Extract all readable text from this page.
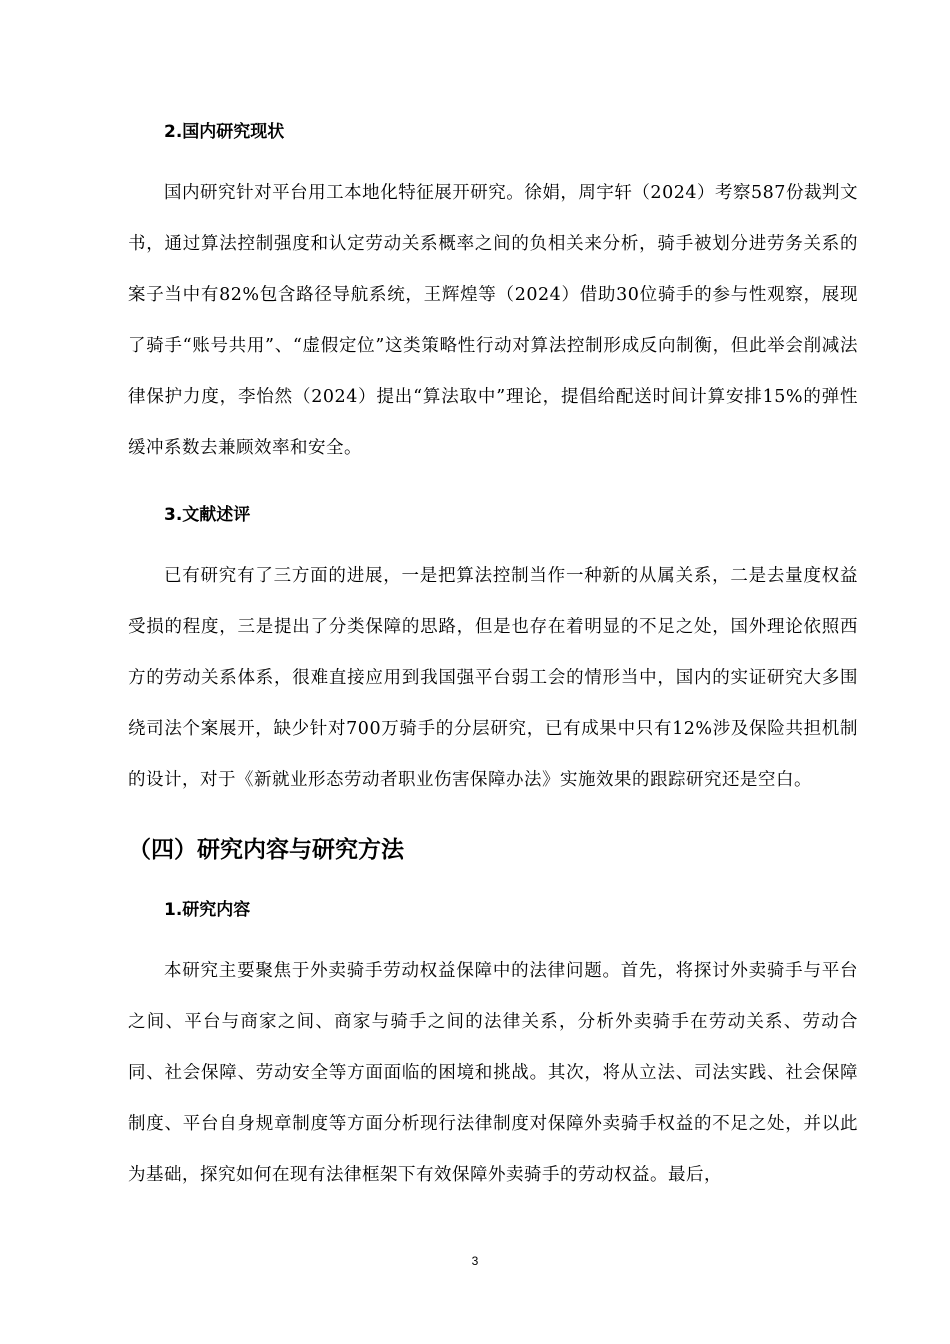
2.国内研究现状

国内研究针对平台用工本地化特征展开研究。徐娟，周宇轩（2024）考察587份裁判文书，通过算法控制强度和认定劳动关系概率之间的负相关来分析，骑手被划分进劳务关系的案子当中有82%包含路径导航系统，王辉煌等（2024）借助30位骑手的参与性观察，展现了骑手“账号共用”、“虚假定位”这类策略性行动对算法控制形成反向制衡，但此举会削减法律保护力度，李怡然（2024）提出“算法取中”理论，提倡给配送时间计算安排15%的弹性缓冲系数去兼顾效率和安全。

3.文献述评

已有研究有了三方面的进展，一是把算法控制当作一种新的从属关系，二是去量度权益受损的程度，三是提出了分类保障的思路，但是也存在着明显的不足之处，国外理论依照西方的劳动关系体系，很难直接应用到我国强平台弱工会的情形当中，国内的实证研究大多围绕司法个案展开，缺少针对700万骑手的分层研究，已有成果中只有12%涉及保险共担机制的设计，对于《新就业形态劳动者职业伤害保障办法》实施效果的跟踪研究还是空白。

（四）研究内容与研究方法
1.研究内容

本研究主要聚焦于外卖骑手劳动权益保障中的法律问题。首先，将探讨外卖骑手与平台之间、平台与商家之间、商家与骑手之间的法律关系，分析外卖骑手在劳动关系、劳动合同、社会保障、劳动安全等方面面临的困境和挑战。其次，将从立法、司法实践、社会保障制度、平台自身规章制度等方面分析现行法律制度对保障外卖骑手权益的不足之处，并以此为基础，探究如何在现有法律框架下有效保障外卖骑手的劳动权益。最后，

3
